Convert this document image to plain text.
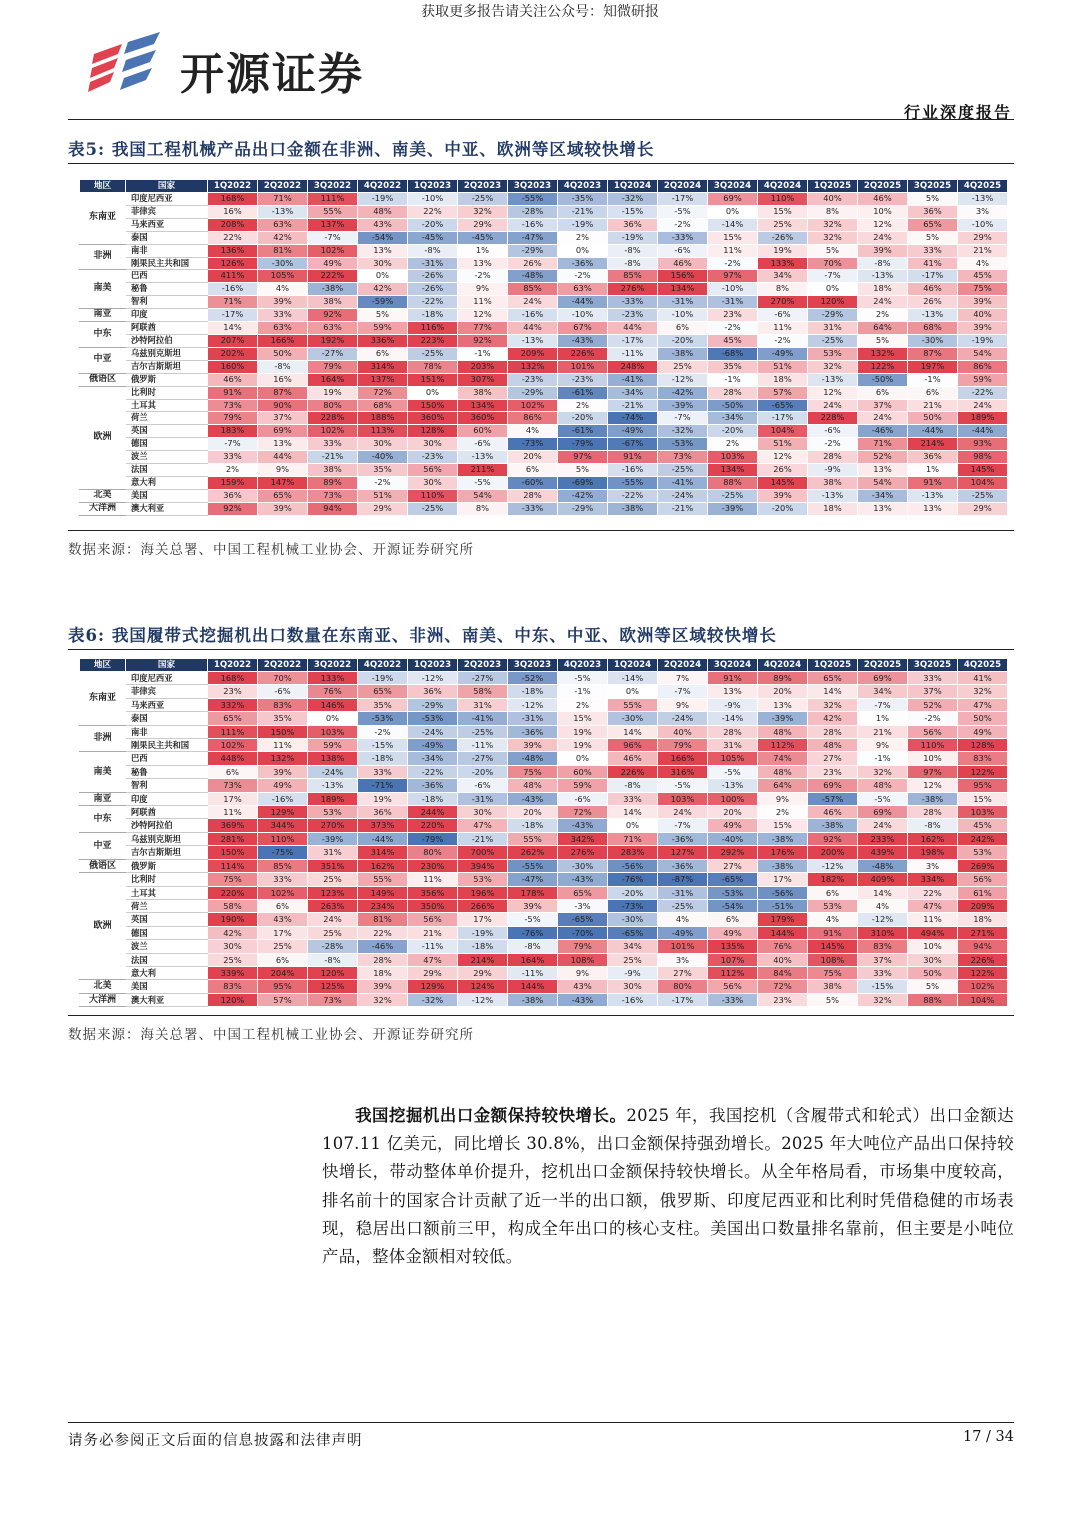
获取更多报告请关注公众号：知微研报
开源证券
行业深度报告
表5: 我国工程机械产品出口金额在非洲、南美、中亚、欧洲等区域较快增长
地区	国家	1Q2022	2Q2022	3Q2022	4Q2022	1Q2023	2Q2023	3Q2023	4Q2023	1Q2024	2Q2024	3Q2024	4Q2024	1Q2025	2Q2025	3Q2025	4Q2025
东南亚	印度尼西亚	168%	71%	111%	-19%	-10%	-25%	-55%	-35%	-32%	-17%	69%	110%	40%	46%	5%	-13%
	菲律宾	16%	-13%	55%	48%	22%	32%	-28%	-21%	-15%	-5%	0%	15%	8%	10%	36%	3%
	马来西亚	208%	63%	137%	43%	-20%	29%	-16%	-19%	36%	-2%	-14%	25%	32%	12%	65%	-10%
	泰国	22%	42%	-7%	-54%	-45%	-45%	-47%	2%	-19%	-33%	15%	-26%	32%	24%	5%	29%
非洲	南非	136%	81%	102%	13%	-8%	1%	-29%	0%	-8%	-6%	11%	19%	5%	39%	33%	21%
	刚果民主共和国	126%	-30%	49%	30%	-31%	13%	26%	-36%	-8%	46%	-2%	133%	70%	-8%	41%	4%
南美	巴西	411%	105%	222%	0%	-26%	-2%	-48%	-2%	85%	156%	97%	34%	-7%	-13%	-17%	45%
	秘鲁	-16%	4%	-38%	42%	-26%	9%	85%	63%	276%	134%	-10%	8%	0%	18%	46%	75%
	智利	71%	39%	38%	-59%	-22%	11%	24%	-44%	-33%	-31%	-31%	270%	120%	24%	26%	39%
南亚	印度	-17%	33%	92%	5%	-18%	12%	-16%	-10%	-23%	-10%	23%	-6%	-29%	2%	-13%	40%
中东	阿联酋	14%	63%	63%	59%	116%	77%	44%	67%	44%	6%	-2%	11%	31%	64%	68%	39%
	沙特阿拉伯	207%	166%	192%	336%	223%	92%	-13%	-43%	-17%	-20%	45%	-2%	-25%	5%	-30%	-19%
中亚	乌兹别克斯坦	202%	50%	-27%	6%	-25%	-1%	209%	226%	-11%	-38%	-68%	-49%	53%	132%	87%	54%
	吉尔吉斯斯坦	160%	-8%	79%	314%	78%	203%	132%	101%	248%	25%	35%	51%	32%	122%	197%	86%
俄语区	俄罗斯	46%	16%	164%	137%	151%	307%	-23%	-23%	-41%	-12%	-1%	18%	-13%	-50%	-1%	59%
欧洲	比利时	91%	87%	19%	72%	0%	38%	-29%	-61%	-34%	-42%	28%	57%	12%	6%	6%	-22%
	土耳其	73%	90%	80%	68%	150%	134%	102%	2%	-21%	-39%	-50%	-65%	24%	37%	21%	24%
	荷兰	79%	37%	228%	188%	360%	360%	86%	-20%	-74%	-7%	-34%	-17%	228%	24%	50%	189%
	英国	183%	69%	102%	113%	128%	60%	4%	-61%	-49%	-32%	-20%	104%	-6%	-46%	-44%	-44%
	德国	-7%	13%	33%	30%	30%	-6%	-73%	-79%	-67%	-53%	2%	51%	-2%	71%	214%	93%
	波兰	33%	44%	-21%	-40%	-23%	-13%	20%	97%	91%	73%	103%	12%	28%	52%	36%	98%
	法国	2%	9%	38%	35%	56%	211%	6%	5%	-16%	-25%	134%	26%	-9%	13%	1%	145%
	意大利	159%	147%	89%	-2%	30%	-5%	-60%	-69%	-55%	-41%	88%	145%	38%	54%	91%	104%
北美	美国	36%	65%	73%	51%	110%	54%	28%	-42%	-22%	-24%	-25%	39%	-13%	-34%	-13%	-25%
大洋洲	澳大利亚	92%	39%	94%	29%	-25%	8%	-33%	-29%	-38%	-21%	-39%	-20%	18%	13%	13%	29%
数据来源：海关总署、中国工程机械工业协会、开源证券研究所
表6: 我国履带式挖掘机出口数量在东南亚、非洲、南美、中东、中亚、欧洲等区域较快增长
地区	国家	1Q2022	2Q2022	3Q2022	4Q2022	1Q2023	2Q2023	3Q2023	4Q2023	1Q2024	2Q2024	3Q2024	4Q2024	1Q2025	2Q2025	3Q2025	4Q2025
东南亚	印度尼西亚	168%	70%	133%	-19%	-12%	-27%	-52%	-5%	-14%	7%	91%	89%	65%	69%	33%	41%
	菲律宾	23%	-6%	76%	65%	36%	58%	-18%	-1%	0%	-7%	13%	20%	14%	34%	37%	32%
	马来西亚	332%	83%	146%	35%	-29%	31%	-12%	2%	55%	9%	-9%	13%	32%	-7%	52%	47%
	泰国	65%	35%	0%	-53%	-53%	-41%	-31%	15%	-30%	-24%	-14%	-39%	42%	1%	-2%	50%
非洲	南非	111%	150%	103%	-2%	-24%	-25%	-36%	19%	14%	40%	28%	48%	28%	21%	56%	49%
	刚果民主共和国	102%	11%	59%	-15%	-49%	-11%	39%	19%	96%	79%	31%	112%	48%	9%	110%	128%
南美	巴西	448%	132%	138%	-18%	-34%	-27%	-48%	0%	46%	166%	105%	74%	27%	-1%	10%	83%
	秘鲁	6%	39%	-24%	33%	-22%	-20%	75%	60%	226%	316%	-5%	48%	23%	32%	97%	122%
	智利	73%	49%	-13%	-71%	-36%	-6%	48%	59%	-8%	-5%	-13%	64%	69%	48%	12%	95%
南亚	印度	17%	-16%	189%	19%	-18%	-31%	-43%	-6%	33%	103%	100%	9%	-57%	-5%	-38%	15%
中东	阿联酋	11%	129%	53%	36%	244%	30%	20%	72%	14%	24%	20%	2%	46%	69%	28%	103%
	沙特阿拉伯	369%	344%	270%	373%	220%	47%	-18%	-43%	0%	-7%	49%	15%	-38%	24%	-8%	45%
中亚	乌兹别克斯坦	281%	110%	-39%	-44%	-79%	-21%	55%	342%	71%	-36%	-40%	-38%	92%	233%	162%	242%
	吉尔吉斯斯坦	150%	-75%	31%	314%	80%	700%	262%	276%	283%	127%	292%	176%	200%	439%	198%	53%
俄语区	俄罗斯	114%	85%	351%	162%	230%	394%	-55%	-30%	-56%	-36%	27%	-38%	-12%	-48%	3%	269%
欧洲	比利时	75%	33%	25%	55%	11%	53%	-47%	-43%	-76%	-87%	-65%	17%	182%	409%	334%	56%
	土耳其	220%	102%	123%	149%	356%	196%	178%	65%	-20%	-31%	-53%	-56%	6%	14%	22%	61%
	荷兰	58%	6%	263%	234%	350%	266%	39%	-3%	-73%	-25%	-54%	-51%	53%	4%	47%	209%
	英国	190%	43%	24%	81%	56%	17%	-5%	-65%	-30%	4%	6%	179%	4%	-12%	11%	18%
	德国	42%	17%	25%	22%	21%	-19%	-76%	-70%	-65%	-49%	49%	144%	91%	310%	494%	271%
	波兰	30%	25%	-28%	-46%	-11%	-18%	-8%	79%	34%	101%	135%	76%	145%	83%	10%	94%
	法国	25%	6%	-8%	28%	47%	214%	164%	108%	25%	3%	107%	40%	108%	37%	30%	226%
	意大利	339%	204%	120%	18%	29%	29%	-11%	9%	-9%	27%	112%	84%	75%	33%	50%	122%
北美	美国	83%	95%	125%	39%	129%	124%	144%	43%	30%	80%	56%	72%	38%	-15%	5%	102%
大洋洲	澳大利亚	120%	57%	73%	32%	-32%	-12%	-38%	-43%	-16%	-17%	-33%	23%	5%	32%	88%	104%
数据来源：海关总署、中国工程机械工业协会、开源证券研究所
我国挖掘机出口金额保持较快增长。2025 年，我国挖机（含履带式和轮式）出口金额达 107.11 亿美元，同比增长 30.8%，出口金额保持强劲增长。2025 年大吨位产品出口保持较快增长，带动整体单价提升，挖机出口金额保持较快增长。从全年格局看，市场集中度较高，排名前十的国家合计贡献了近一半的出口额，俄罗斯、印度尼西亚和比利时凭借稳健的市场表现，稳居出口额前三甲，构成全年出口的核心支柱。美国出口数量排名靠前，但主要是小吨位产品，整体金额相对较低。
请务必参阅正文后面的信息披露和法律声明	17 / 34
